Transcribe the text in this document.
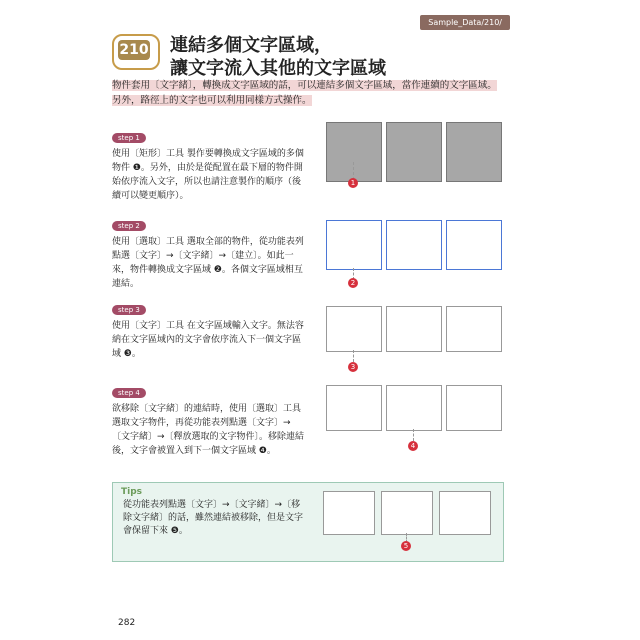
Sample_Data/210/
210 連結多個文字區域，
讓文字流入其他的文字區域
物件套用〔文字緒〕，轉換成文字區域的話，可以連結多個文字區域，當作連續的文字區域。另外，路徑上的文字也可以利用同樣方式操作。
step 1
使用〔矩形〕工具 製作要轉換成文字區域的多個物件 ❶。另外，由於是從配置在最下層的物件開始依序流入文字，所以也請注意製作的順序（後續可以變更順序）。
step 2
使用〔選取〕工具 選取全部的物件，從功能表列點選〔文字〕→〔文字緒〕→〔建立〕。如此一來，物件轉換成文字區域 ❷。各個文字區域相互連結。
step 3
使用〔文字〕工具 在文字區域輸入文字。無法容納在文字區域內的文字會依序流入下一個文字區域 ❸。
step 4
欲移除〔文字緒〕的連結時，使用〔選取〕工具 選取文字物件，再從功能表列點選〔文字〕→〔文字緒〕→〔釋放選取的文字物件〕。移除連結後，文字會被置入到下一個文字區域 ❹。
1
2
3
4
Tips
從功能表列點選〔文字〕→〔文字緒〕→〔移除文字緒〕的話，雖然連結被移除，但是文字會保留下來 ❺。
5
282
